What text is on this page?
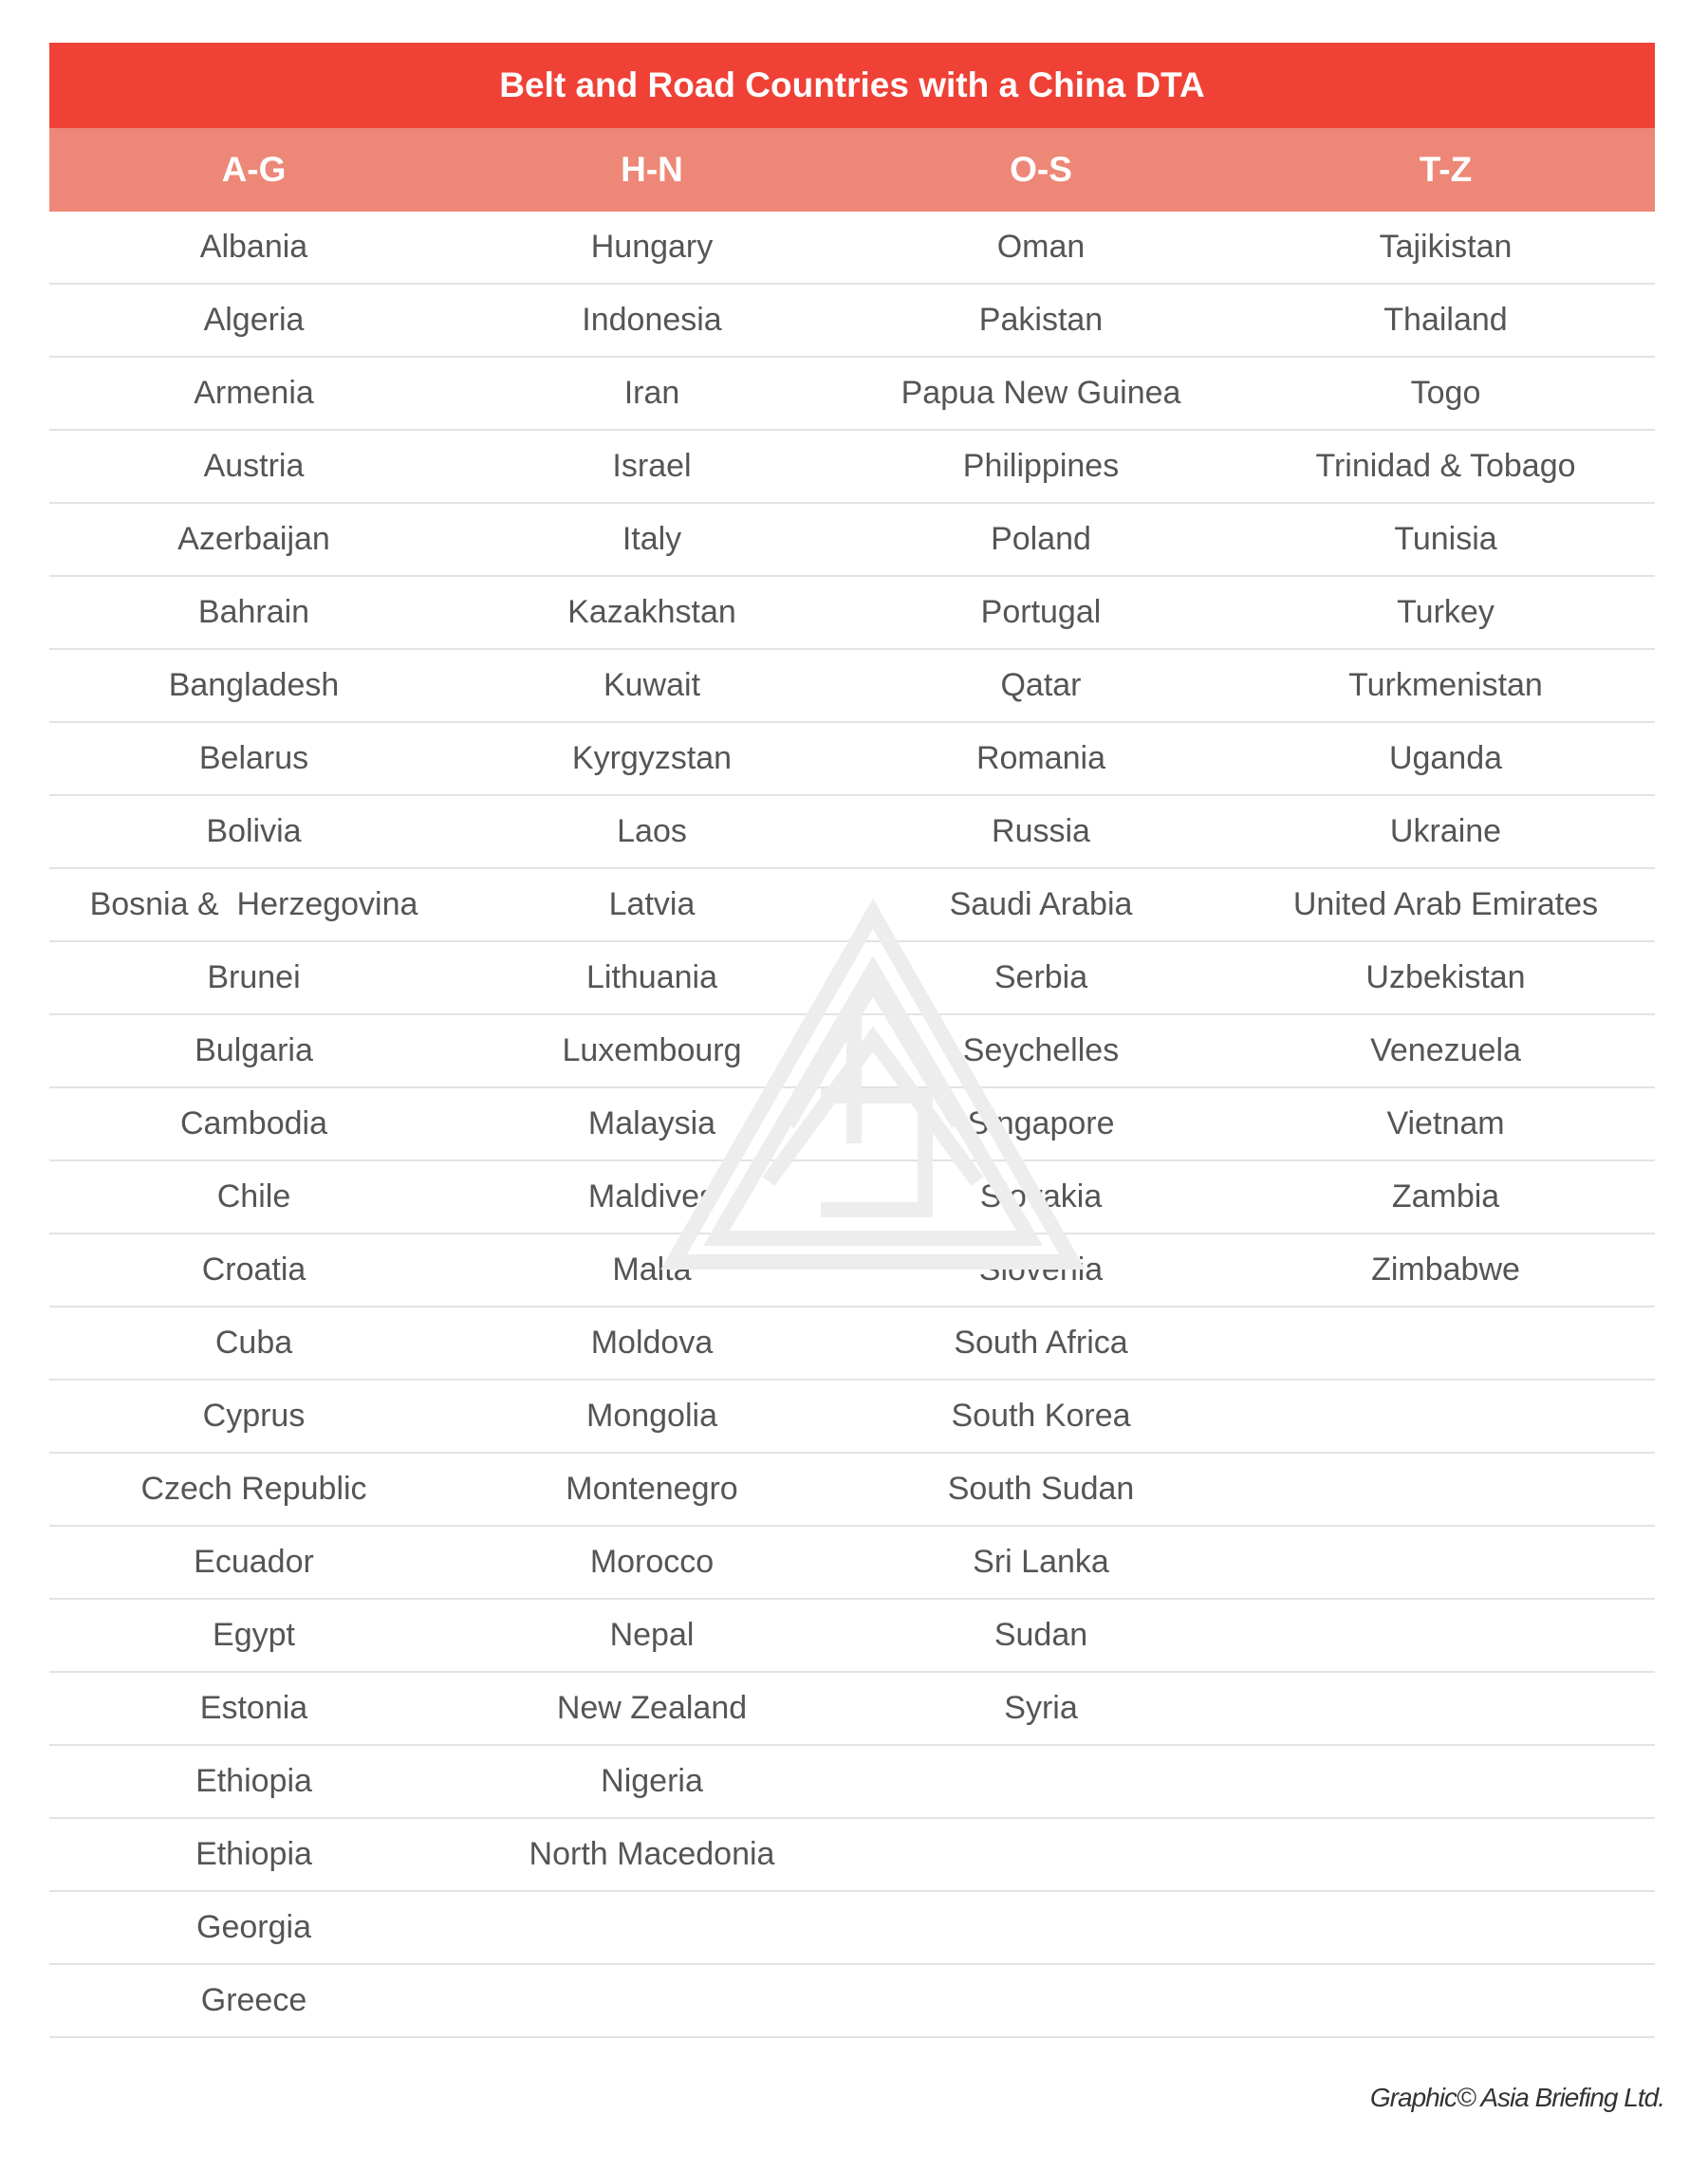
Belt and Road Countries with a China DTA
A-G	H-N	O-S	T-Z
Albania	Hungary	Oman	Tajikistan
Algeria	Indonesia	Pakistan	Thailand
Armenia	Iran	Papua New Guinea	Togo
Austria	Israel	Philippines	Trinidad & Tobago
Azerbaijan	Italy	Poland	Tunisia
Bahrain	Kazakhstan	Portugal	Turkey
Bangladesh	Kuwait	Qatar	Turkmenistan
Belarus	Kyrgyzstan	Romania	Uganda
Bolivia	Laos	Russia	Ukraine
Bosnia &  Herzegovina	Latvia	Saudi Arabia	United Arab Emirates
Brunei	Lithuania	Serbia	Uzbekistan
Bulgaria	Luxembourg	Seychelles	Venezuela
Cambodia	Malaysia	Singapore	Vietnam
Chile	Maldives	Slovakia	Zambia
Croatia	Malta	Slovenia	Zimbabwe
Cuba	Moldova	South Africa
Cyprus	Mongolia	South Korea
Czech Republic	Montenegro	South Sudan
Ecuador	Morocco	Sri Lanka
Egypt	Nepal	Sudan
Estonia	New Zealand	Syria
Ethiopia	Nigeria
Ethiopia	North Macedonia
Georgia
Greece
Graphic© Asia Briefing Ltd.
